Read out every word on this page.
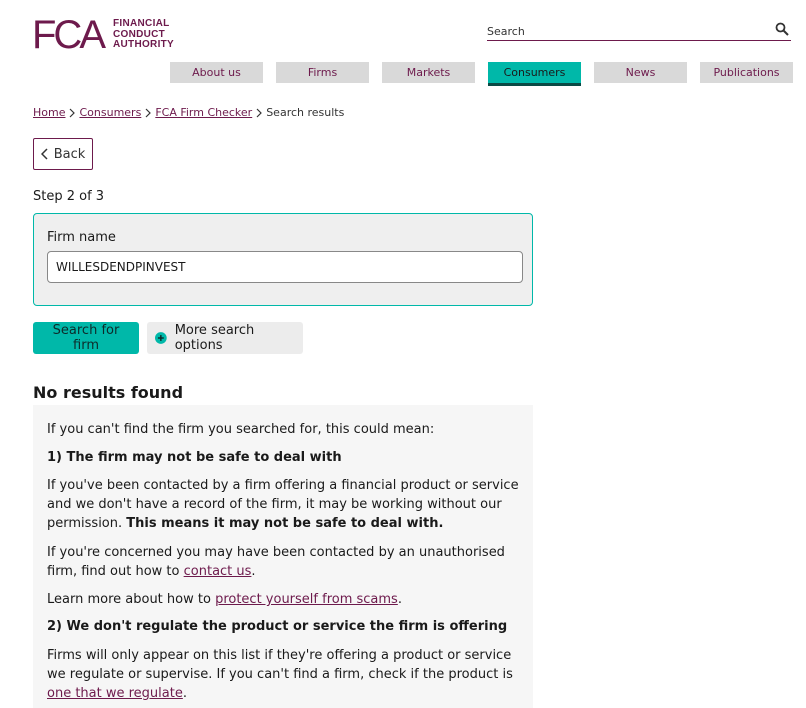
FCA FINANCIAL
CONDUCT
AUTHORITY
Search
About us	Firms	Markets	Consumers	News	Publications
Home Consumers FCA Firm Checker Search results
Back
Step 2 of 3
Firm name
WILLESDENDPINVEST
Search for firm
More search options
No results found

If you can't find the firm you searched for, this could mean:

1) The firm may not be safe to deal with

If you've been contacted by a firm offering a financial product or service and we don't have a record of the firm, it may be working without our permission. This means it may not be safe to deal with.

If you're concerned you may have been contacted by an unauthorised firm, find out how to contact us.

Learn more about how to protect yourself from scams.

2) We don't regulate the product or service the firm is offering

Firms will only appear on this list if they're offering a product or service we regulate or supervise. If you can't find a firm, check if the product is one that we regulate.
